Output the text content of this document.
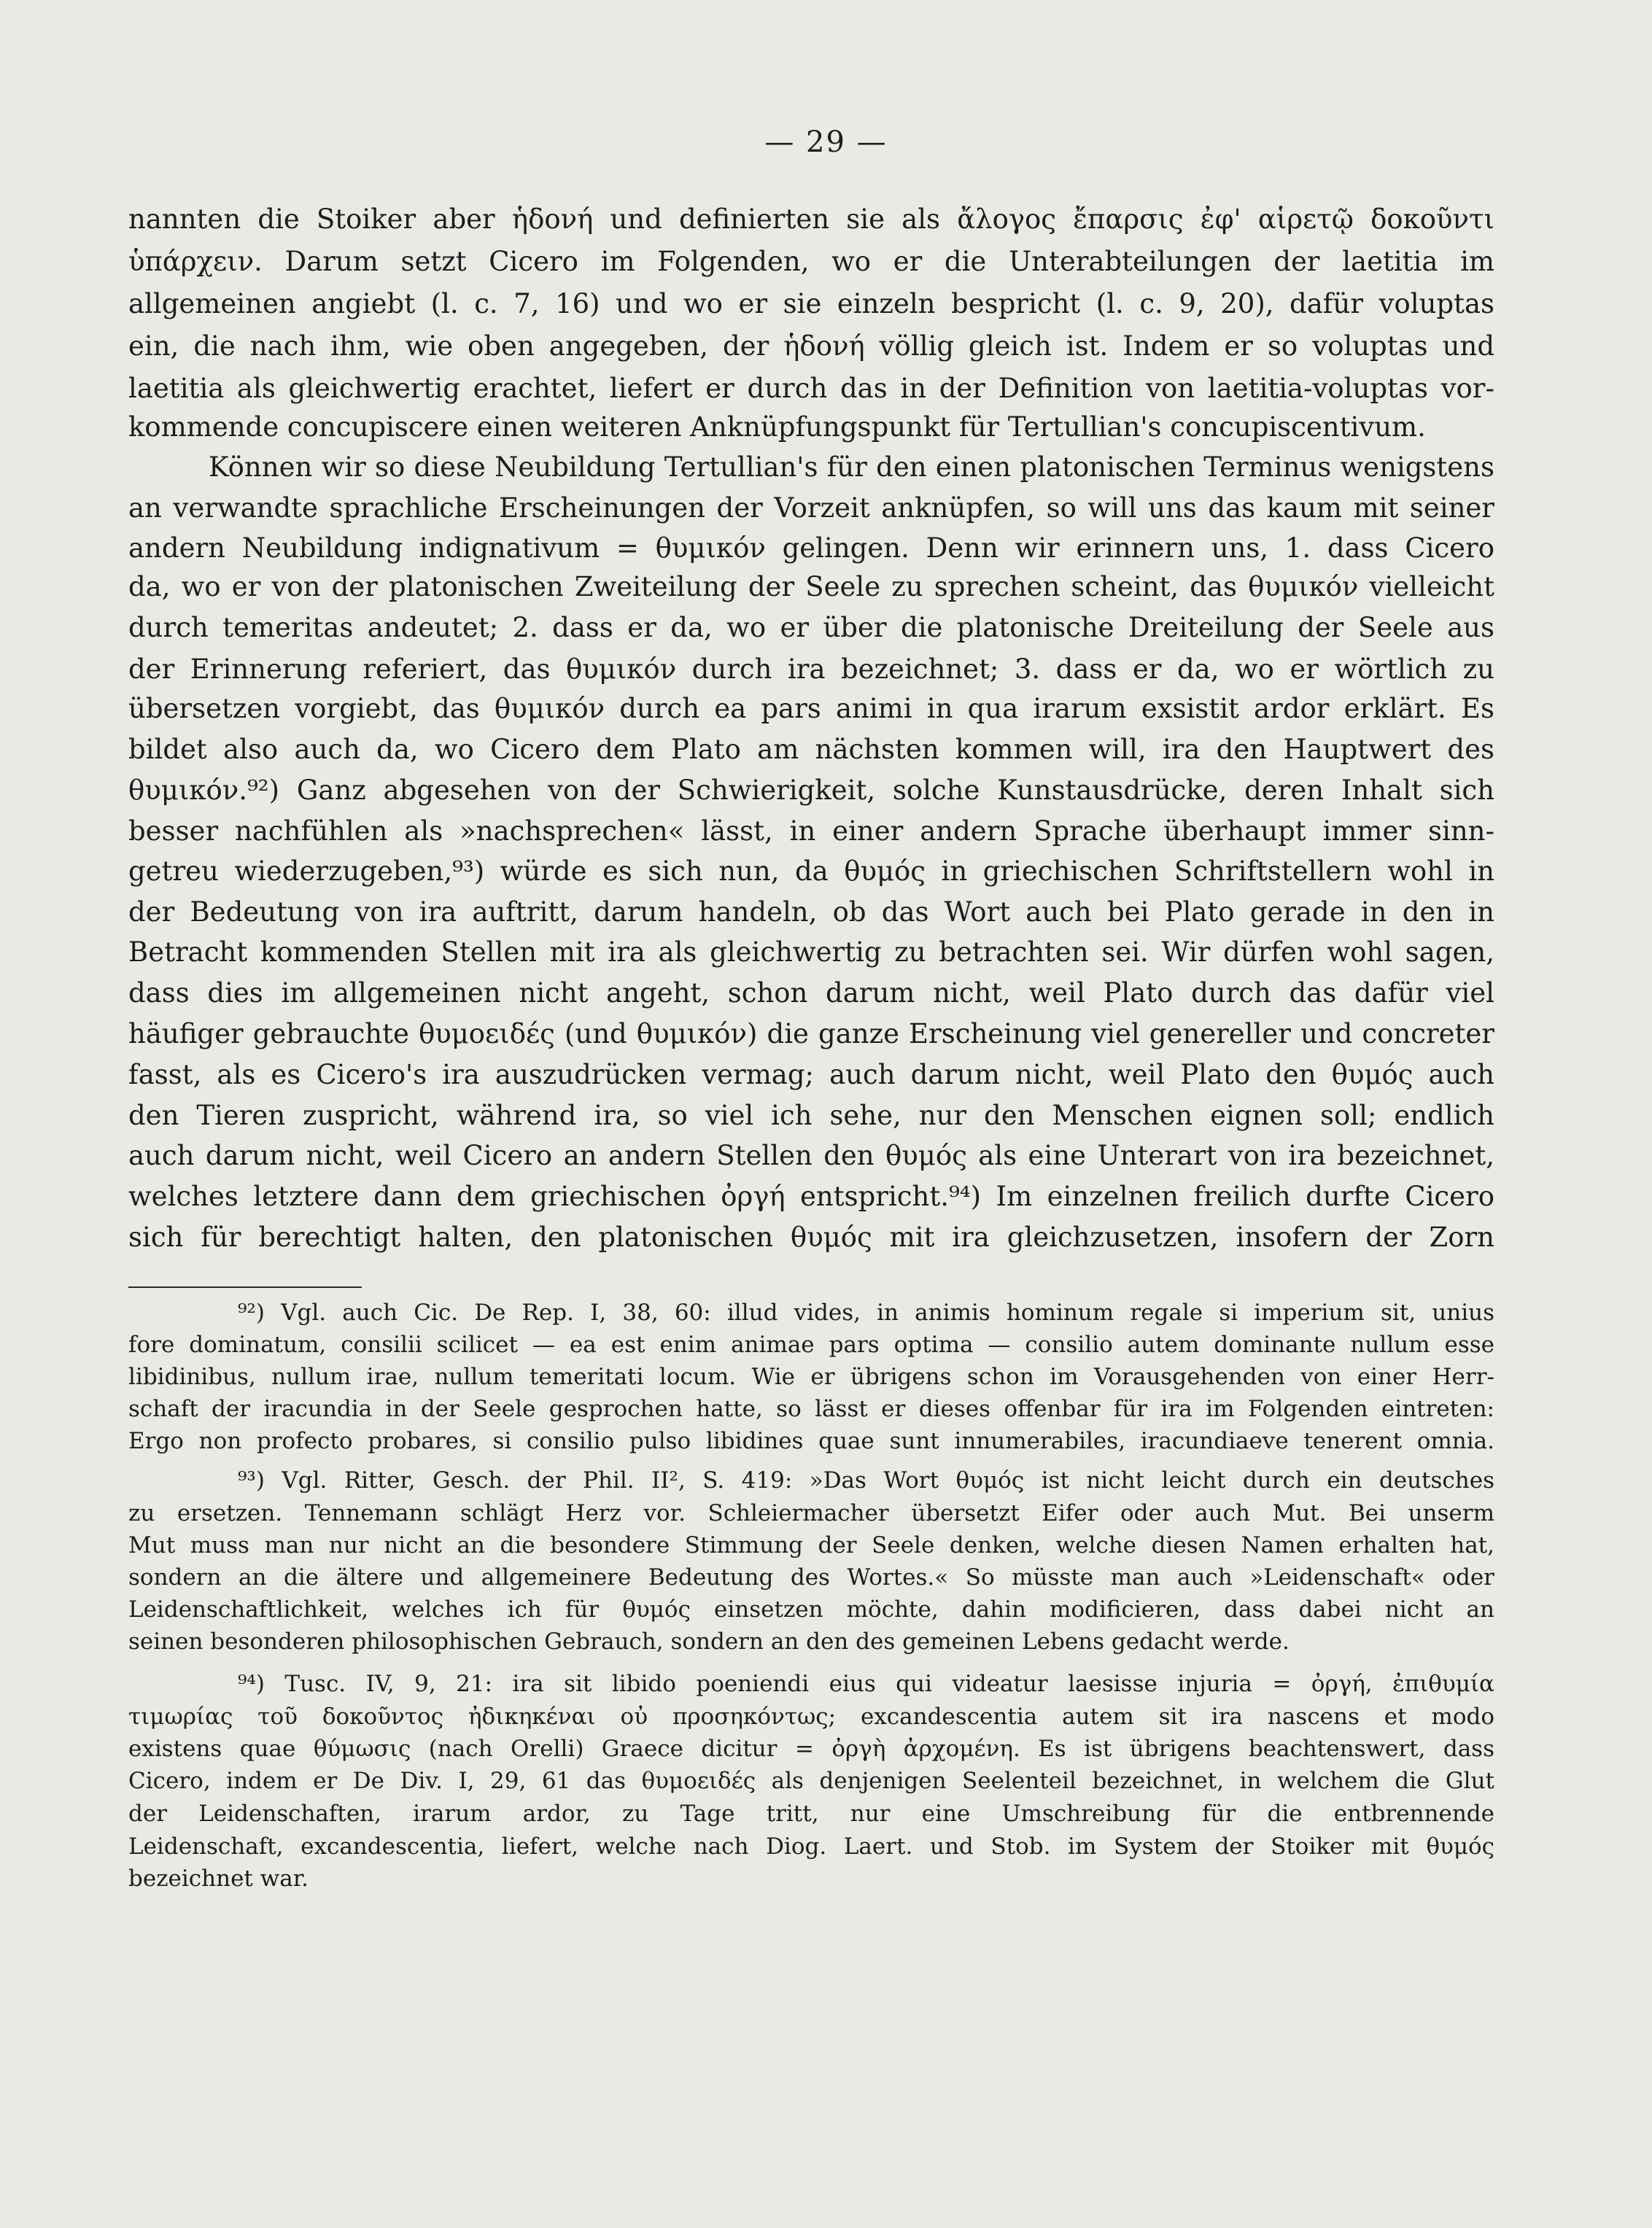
— 29 —
nannten die Stoiker aber ἡδονή und definierten sie als ἄλογος ἔπαρσις ἐφ' αἱρετῷ δοκοῦντι
ὑπάρχειν. Darum setzt Cicero im Folgenden, wo er die Unterabteilungen der laetitia im
allgemeinen angiebt (l. c. 7, 16) und wo er sie einzeln bespricht (l. c. 9, 20), dafür voluptas
ein, die nach ihm, wie oben angegeben, der ἡδονή völlig gleich ist. Indem er so voluptas und
laetitia als gleichwertig erachtet, liefert er durch das in der Definition von laetitia-voluptas vor-
kommende concupiscere einen weiteren Anknüpfungspunkt für Tertullian's concupiscentivum.
Können wir so diese Neubildung Tertullian's für den einen platonischen Terminus wenigstens
an verwandte sprachliche Erscheinungen der Vorzeit anknüpfen, so will uns das kaum mit seiner
andern Neubildung indignativum = θυμικόν gelingen. Denn wir erinnern uns, 1. dass Cicero
da, wo er von der platonischen Zweiteilung der Seele zu sprechen scheint, das θυμικόν vielleicht
durch temeritas andeutet; 2. dass er da, wo er über die platonische Dreiteilung der Seele aus
der Erinnerung referiert, das θυμικόν durch ira bezeichnet; 3. dass er da, wo er wörtlich zu
übersetzen vorgiebt, das θυμικόν durch ea pars animi in qua irarum exsistit ardor erklärt. Es
bildet also auch da, wo Cicero dem Plato am nächsten kommen will, ira den Hauptwert des
θυμικόν.⁹²) Ganz abgesehen von der Schwierigkeit, solche Kunstausdrücke, deren Inhalt sich
besser nachfühlen als »nachsprechen« lässt, in einer andern Sprache überhaupt immer sinn-
getreu wiederzugeben,⁹³) würde es sich nun, da θυμός in griechischen Schriftstellern wohl in
der Bedeutung von ira auftritt, darum handeln, ob das Wort auch bei Plato gerade in den in
Betracht kommenden Stellen mit ira als gleichwertig zu betrachten sei. Wir dürfen wohl sagen,
dass dies im allgemeinen nicht angeht, schon darum nicht, weil Plato durch das dafür viel
häufiger gebrauchte θυμοειδές (und θυμικόν) die ganze Erscheinung viel genereller und concreter
fasst, als es Cicero's ira auszudrücken vermag; auch darum nicht, weil Plato den θυμός auch
den Tieren zuspricht, während ira, so viel ich sehe, nur den Menschen eignen soll; endlich
auch darum nicht, weil Cicero an andern Stellen den θυμός als eine Unterart von ira bezeichnet,
welches letztere dann dem griechischen ὀργή entspricht.⁹⁴) Im einzelnen freilich durfte Cicero
sich für berechtigt halten, den platonischen θυμός mit ira gleichzusetzen, insofern der Zorn
⁹²) Vgl. auch Cic. De Rep. I, 38, 60: illud vides, in animis hominum regale si imperium sit, unius
fore dominatum, consilii scilicet — ea est enim animae pars optima — consilio autem dominante nullum esse
libidinibus, nullum irae, nullum temeritati locum. Wie er übrigens schon im Vorausgehenden von einer Herr-
schaft der iracundia in der Seele gesprochen hatte, so lässt er dieses offenbar für ira im Folgenden eintreten:
Ergo non profecto probares, si consilio pulso libidines quae sunt innumerabiles, iracundiaeve tenerent omnia.
⁹³) Vgl. Ritter, Gesch. der Phil. II², S. 419: »Das Wort θυμός ist nicht leicht durch ein deutsches
zu ersetzen. Tennemann schlägt Herz vor. Schleiermacher übersetzt Eifer oder auch Mut. Bei unserm
Mut muss man nur nicht an die besondere Stimmung der Seele denken, welche diesen Namen erhalten hat,
sondern an die ältere und allgemeinere Bedeutung des Wortes.« So müsste man auch »Leidenschaft« oder
Leidenschaftlichkeit, welches ich für θυμός einsetzen möchte, dahin modificieren, dass dabei nicht an
seinen besonderen philosophischen Gebrauch, sondern an den des gemeinen Lebens gedacht werde.
⁹⁴) Tusc. IV, 9, 21: ira sit libido poeniendi eius qui videatur laesisse injuria = ὀργή, ἐπιθυμία
τιμωρίας τοῦ δοκοῦντος ἠδικηκέναι οὐ προσηκόντως; excandescentia autem sit ira nascens et modo
existens quae θύμωσις (nach Orelli) Graece dicitur = ὀργὴ ἀρχομένη. Es ist übrigens beachtenswert, dass
Cicero, indem er De Div. I, 29, 61 das θυμοειδές als denjenigen Seelenteil bezeichnet, in welchem die Glut
der Leidenschaften, irarum ardor, zu Tage tritt, nur eine Umschreibung für die entbrennende
Leidenschaft, excandescentia, liefert, welche nach Diog. Laert. und Stob. im System der Stoiker mit θυμός
bezeichnet war.
